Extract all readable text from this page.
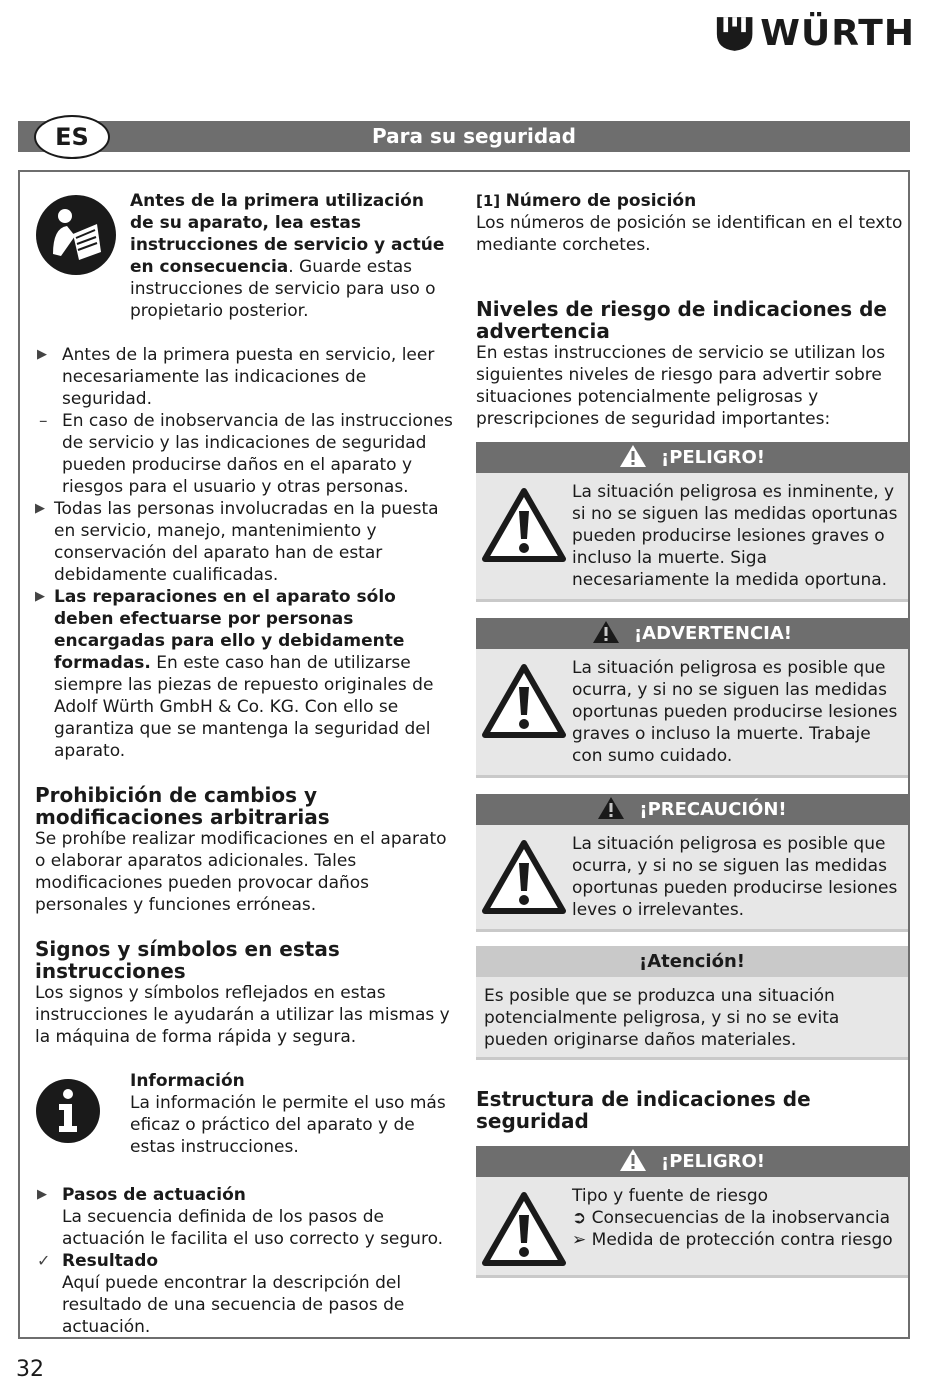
WÜRTH
Para su seguridad
ES
Antes de la primera utilización de su aparato, lea estas instrucciones de servicio y actúe en consecuencia. Guarde estas instrucciones de servicio para uso o propietario posterior.
▶ Antes de la primera puesta en servicio, leer necesariamente las indicaciones de seguridad.
– En caso de inobservancia de las instrucciones de servicio y las indicaciones de seguridad pueden producirse daños en el aparato y riesgos para el usuario y otras personas.
▶ Todas las personas involucradas en la puesta en servicio, manejo, mantenimiento y conservación del aparato han de estar debidamente cualificadas.
▶ Las reparaciones en el aparato sólo deben efectuarse por personas encargadas para ello y debidamente formadas. En este caso han de utilizarse siempre las piezas de repuesto originales de Adolf Würth GmbH & Co. KG. Con ello se garantiza que se mantenga la seguridad del aparato.
Prohibición de cambios y modificaciones arbitrarias

Se prohíbe realizar modificaciones en el aparato o elaborar aparatos adicionales. Tales modificaciones pueden provocar daños personales y funciones erróneas.

Signos y símbolos en estas instrucciones

Los signos y símbolos reflejados en estas instrucciones le ayudarán a utilizar las mismas y la máquina de forma rápida y segura.

Información
La información le permite el uso más eficaz o práctico del aparato y de estas instrucciones.
▶ Pasos de actuación
La secuencia definida de los pasos de actuación le facilita el uso correcto y seguro.
✓ Resultado
Aquí puede encontrar la descripción del resultado de una secuencia de pasos de actuación.
[1] Número de posición

Los números de posición se identifican en el texto mediante corchetes.

Niveles de riesgo de indicaciones de advertencia

En estas instrucciones de servicio se utilizan los siguientes niveles de riesgo para advertir sobre situaciones potencialmente peligrosas y prescripciones de seguridad importantes:

¡PELIGRO!
La situación peligrosa es inminente, y si no se siguen las medidas oportunas pueden producirse lesiones graves o incluso la muerte. Siga necesariamente la medida oportuna.
¡ADVERTENCIA!
La situación peligrosa es posible que ocurra, y si no se siguen las medidas oportunas pueden producirse lesiones graves o incluso la muerte. Trabaje con sumo cuidado.
¡PRECAUCIÓN!
La situación peligrosa es posible que ocurra, y si no se siguen las medidas oportunas pueden producirse lesiones leves o irrelevantes.
¡Atención!
Es posible que se produzca una situación potencialmente peligrosa, y si no se evita pueden originarse daños materiales.
Estructura de indicaciones de seguridad
¡PELIGRO!
Tipo y fuente de riesgo
➲ Consecuencias de la inobservancia
➢ Medida de protección contra riesgo
32
